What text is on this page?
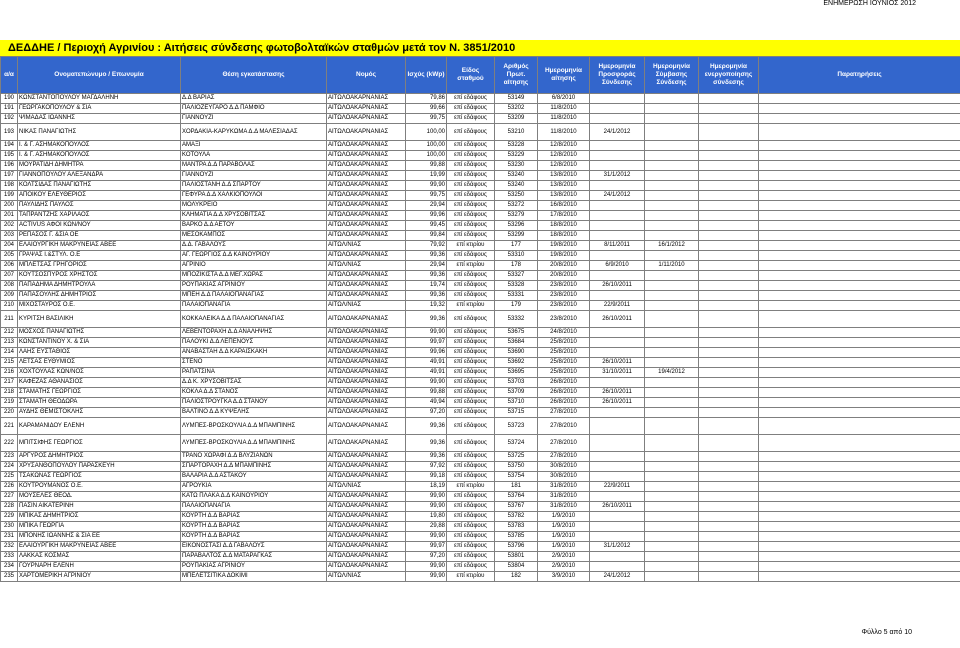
ΕΝΗΜΕΡΩΣΗ ΙΟΥΝΙΟΣ 2012
ΔΕΔΔΗΕ / Περιοχή Αγρινίου : Αιτήσεις σύνδεσης φωτοβολταϊκών σταθμών μετά τον Ν. 3851/2010
α/α	Ονοματεπώνυμο / Επωνυμία	Θέση εγκατάστασης	Νομός	Ισχύς (kWp)	Είδος σταθμού	Αριθμός Πρωτ. αίτησης	Ημερομηνία αίτησης	Ημερομηνία Προσφοράς Σύνδεσης	Ημερομηνία Σύμβασης Σύνδεσης	Ημερομηνία ενεργοποίησης σύνδεσης	Παρατηρήσεις
190	ΚΩΝΣΤΑΝΤΟΠΟΥΛΟΥ ΜΑΓΔΑΛΗΝΗ	Δ.Δ ΒΑΡΙΑΣ	ΑΙΤΩΛΟΑΚΑΡΝΑΝΙΑΣ	79,86	επί εδάφους	53149	6/8/2010				
191	ΓΕΩΡΓΑΚΟΠΟΥΛΟΥ & ΣΙΑ	ΠΑΛΙΟΖΕΥΓΑΡΟ Δ.Δ ΠΑΜΦΙΟ	ΑΙΤΩΛΟΑΚΑΡΝΑΝΙΑΣ	99,66	επί εδάφους	53202	11/8/2010				
192	ΨΙΜΑΔΑΣ ΙΩΑΝΝΗΣ	ΓΙΑΝΝΟΥΖΙ	ΑΙΤΩΛΟΑΚΑΡΝΑΝΙΑΣ	99,75	επί εδάφους	53209	11/8/2010				
193	ΝΙΚΑΣ ΠΑΝΑΓΙΩΤΗΣ	ΧΟΡΔΑΚΙΑ-ΚΑΡΥΚΩΜΑ Δ.Δ ΜΑΛΕΣΙΑΔΑΣ	ΑΙΤΩΛΟΑΚΑΡΝΑΝΙΑΣ	100,00	επί εδάφους	53210	11/8/2010	24/1/2012			
194	Ι. & Γ. ΑΣΗΜΑΚΟΠΟΥΛΟΣ	ΑΜΑΞΙ	ΑΙΤΩΛΟΑΚΑΡΝΑΝΙΑΣ	100,00	επί εδάφους	53228	12/8/2010				
195	Ι. & Γ. ΑΣΗΜΑΚΟΠΟΥΛΟΣ	ΚΟΤΟΥΛΑ	ΑΙΤΩΛΟΑΚΑΡΝΑΝΙΑΣ	100,00	επί εδάφους	53229	12/8/2010				
196	ΜΟΥΡΑΤΙΔΗ ΔΗΜΗΤΡΑ	ΜΑΝΤΡΑ Δ.Δ ΠΑΡΑΒΟΛΑΣ	ΑΙΤΩΛΟΑΚΑΡΝΑΝΙΑΣ	99,88	επί εδάφους	53230	12/8/2010				
197	ΓΙΑΝΝΟΠΟΥΛΟΥ ΑΛΕΞΑΝΔΡΑ	ΓΙΑΝΝΟΥΖΙ	ΑΙΤΩΛΟΑΚΑΡΝΑΝΙΑΣ	19,99	επί εδάφους	53240	13/8/2010	31/1/2012			
198	ΚΟΛΤΣΙΔΑΣ ΠΑΝΑΓΙΩΤΗΣ	ΠΑΛΙΟΣΤΑΝΗ Δ.Δ ΣΠΑΡΤΟΥ	ΑΙΤΩΛΟΑΚΑΡΝΑΝΙΑΣ	99,90	επί εδάφους	53240	13/8/2010				
199	ΑΠΟΙΚΟΥ ΕΛΕΥΘΕΡΙΟΣ	ΓΕΦΥΡΑ Δ.Δ ΧΑΛΚΙΟΠΟΥΛΟΙ	ΑΙΤΩΛΟΑΚΑΡΝΑΝΙΑΣ	99,75	επί εδάφους	53250	13/8/2010	24/1/2012			
200	ΠΑΥΛΙΔΗΣ ΠΑΥΛΟΣ	ΜΟΛΥΚΡΕΙΟ	ΑΙΤΩΛΟΑΚΑΡΝΑΝΙΑΣ	29,94	επί εδάφους	53272	16/8/2010				
201	ΤΑΠΡΑΝΤΖΗΣ ΧΑΡΙΛΑΟΣ	ΚΛΗΜΑΤΙΑ Δ.Δ ΧΡΥΣΟΒΙΤΣΑΣ	ΑΙΤΩΛΟΑΚΑΡΝΑΝΙΑΣ	99,96	επί εδάφους	53279	17/8/2010				
202	ACTIVUS ΑΦΟΙ ΚΩΝ/ΝΟΥ	ΒΑΡΚΟ Δ.Δ ΑΕΤΟΥ	ΑΙΤΩΛΟΑΚΑΡΝΑΝΙΑΣ	99,45	επί εδάφους	53296	18/8/2010				
203	ΡΕΠΑΣΟΣ Γ. &ΣΙΑ ΟΕ	ΜΕΣΟΚΑΜΠΟΣ	ΑΙΤΩΛΟΑΚΑΡΝΑΝΙΑΣ	99,84	επί εδάφους	53299	18/8/2010				
204	ΕΛΑΙΟΥΡΓΙΚΗ ΜΑΚΡΥΝΕΙΑΣ ΑΒΕΕ	Δ.Δ. ΓΑΒΑΛΟΥΣ	ΑΙΤΩΛ/ΝΙΑΣ	79,92	επί κτιρίου	177	19/8/2010	8/11/2011	16/1/2012		
205	ΓΡΑΨΑΣ Ι.&ΣΤΥΛ. Ο.Ε	ΑΓ. ΓΕΩΡΓΙΟΣ Δ.Δ ΚΑΙΝΟΥΡΙΟΥ	ΑΙΤΩΛΟΑΚΑΡΝΑΝΙΑΣ	99,36	επί εδάφους	53310	19/8/2010				
206	ΜΠΛΕΤΣΑΣ ΓΡΗΓΟΡΙΟΣ	ΑΓΡΙΝΙΟ	ΑΙΤΩΛ/ΝΙΑΣ	29,94	επί κτιρίου	178	20/8/2010	6/9/2010	1/11/2010		
207	ΚΟΥΤΣΟΣΠΥΡΟΣ ΧΡΗΣΤΟΣ	ΜΠΟΖΙΚΙΣΤΑ Δ.Δ ΜΕΓ.ΧΩΡΑΣ	ΑΙΤΩΛΟΑΚΑΡΝΑΝΙΑΣ	99,36	επί εδάφους	53327	20/8/2010				
208	ΠΑΠΑΔΗΜΑ ΔΗΜΗΤΡΟΥΛΑ	ΡΟΥΠΑΚΙΑΣ ΑΓΡΙΝΙΟΥ	ΑΙΤΩΛΟΑΚΑΡΝΑΝΙΑΣ	19,74	επί εδάφους	53328	23/8/2010	26/10/2011			
209	ΠΑΠΑΣΟΥΛΗΣ ΔΗΜΗΤΡΙΟΣ	ΜΠΕΗ Δ.Δ ΠΑΛΑΙΟΠΑΝΑΓΙΑΣ	ΑΙΤΩΛΟΑΚΑΡΝΑΝΙΑΣ	99,36	επί εδάφους	53331	23/8/2010				
210	ΜΙΧΟΣΤΑΥΡΟΣ Ο.Ε.	ΠΑΛΑΙΟΠΑΝΑΓΙΑ	ΑΙΤΩΛ/ΝΙΑΣ	19,32	επί κτιρίου	179	23/8/2010	22/9/2011			
211	ΚΥΡΙΤΣΗ ΒΑΣΙΛΙΚΗ	ΚΟΚΚΑΛΕΙΚΑ Δ.Δ ΠΑΛΑΙΟΠΑΝΑΓΙΑΣ	ΑΙΤΩΛΟΑΚΑΡΝΑΝΙΑΣ	99,36	επί εδάφους	53332	23/8/2010	26/10/2011			
212	ΜΟΣΧΟΣ ΠΑΝΑΓΙΩΤΗΣ	ΛΕΒΕΝΤΟΡΑΧΗ Δ.Δ ΑΝΑΛΗΨΗΣ	ΑΙΤΩΛΟΑΚΑΡΝΑΝΙΑΣ	99,90	επί εδάφους	53675	24/8/2010				
213	ΚΩΝΣΤΑΝΤΙΝΟΥ Χ. & ΣΙΑ	ΠΑΛΟΥΚΙ Δ.Δ ΛΕΠΕΝΟΥΣ	ΑΙΤΩΛΟΑΚΑΡΝΑΝΙΑΣ	99,97	επί εδάφους	53684	25/8/2010				
214	ΛΑΗΣ ΕΥΣΤΑΘΙΟΣ	ΑΝΑΒΑΣΤΑΗ Δ.Δ ΚΑΡΑΙΣΚΑΚΗ	ΑΙΤΩΛΟΑΚΑΡΝΑΝΙΑΣ	99,96	επί εδάφους	53690	25/8/2010				
215	ΛΕΤΣΑΣ ΕΥΘΥΜΙΟΣ	ΣΤΕΝΟ	ΑΙΤΩΛΟΑΚΑΡΝΑΝΙΑΣ	49,91	επί εδάφους	53692	25/8/2010	26/10/2011			
216	ΧΟΧΤΟΥΛΑΣ ΚΩΝ/ΝΟΣ	ΡΑΠΑΤΣΙΝΑ	ΑΙΤΩΛΟΑΚΑΡΝΑΝΙΑΣ	49,91	επί εδάφους	53695	25/8/2010	31/10/2011	19/4/2012		
217	ΚΑΦΕΖΑΣ ΑΘΑΝΑΣΙΟΣ	Δ.Δ Κ. ΧΡΥΣΟΒΙΤΣΑΣ	ΑΙΤΩΛΟΑΚΑΡΝΑΝΙΑΣ	99,90	επί εδάφους	53703	26/8/2010				
218	ΣΤΑΜΑΤΗΣ ΓΕΩΡΓΙΟΣ	ΚΟΚΛΑ Δ.Δ ΣΤΑΝΟΣ	ΑΙΤΩΛΟΑΚΑΡΝΑΝΙΑΣ	99,88	επί εδάφους	53709	26/8/2010	26/10/2011			
219	ΣΤΑΜΑΤΗ ΘΕΟΔΩΡΑ	ΠΑΛΙΟΣΤΡΟΥΓΚΑ Δ.Δ ΣΤΑΝΟΥ	ΑΙΤΩΛΟΑΚΑΡΝΑΝΙΑΣ	49,94	επί εδάφους	53710	26/8/2010	26/10/2011			
220	ΑΥΔΗΣ ΘΕΜΙΣΤΟΚΛΗΣ	ΒΑΛΤΙΝΟ Δ.Δ ΚΥΨΕΛΗΣ	ΑΙΤΩΛΟΑΚΑΡΝΑΝΙΑΣ	97,20	επί εδάφους	53715	27/8/2010				
221	ΚΑΡΑΜΑΝΙΔΟΥ ΕΛΕΝΗ	ΛΥΜΠΕΣ-ΒΡΟΣΚΟΥΛΙΑ Δ.Δ ΜΠΑΜΠΙΝΗΣ	ΑΙΤΩΛΟΑΚΑΡΝΑΝΙΑΣ	99,36	επί εδάφους	53723	27/8/2010				
222	ΜΠΙΤΣΙΦΗΣ ΓΕΩΡΓΙΟΣ	ΛΥΜΠΕΣ-ΒΡΟΣΚΟΥΛΙΑ Δ.Δ ΜΠΑΜΠΙΝΗΣ	ΑΙΤΩΛΟΑΚΑΡΝΑΝΙΑΣ	99,36	επί εδάφους	53724	27/8/2010				
223	ΑΡΓΥΡΟΣ ΔΗΜΗΤΡΙΟΣ	ΤΡΑΝΟ ΧΩΡΑΦΙ Δ.Δ ΒΛΥΖΙΑΝΩΝ	ΑΙΤΩΛΟΑΚΑΡΝΑΝΙΑΣ	99,36	επί εδάφους	53725	27/8/2010				
224	ΧΡΥΣΑΝΘΟΠΟΥΛΟΥ ΠΑΡΑΣΚΕΥΗ	ΣΠΑΡΤΟΡΑΧΗ Δ.Δ ΜΠΑΜΠΙΝΗΣ	ΑΙΤΩΛΟΑΚΑΡΝΑΝΙΑΣ	97,92	επί εδάφους	53750	30/8/2010				
225	ΤΣΑΚΩΝΑΣ ΓΕΩΡΓΙΟΣ	ΒΑΛΑΡΙΑ Δ.Δ ΑΣΤΑΚΟΥ	ΑΙΤΩΛΟΑΚΑΡΝΑΝΙΑΣ	99,18	επί εδάφους	53754	30/8/2010				
226	ΚΟΥΤΡΟΥΜΑΝΟΣ Ο.Ε.	ΑΓΡΟΥΚΙΑ	ΑΙΤΩΛ/ΝΙΑΣ	18,19	επί κτιρίου	181	31/8/2010	22/9/2011			
227	ΜΟΥΣΕΛΕΣ ΘΕΟΔ.	ΚΑΤΩ ΠΛΑΚΑ Δ.Δ ΚΑΙΝΟΥΡΙΟΥ	ΑΙΤΩΛΟΑΚΑΡΝΑΝΙΑΣ	99,90	επί εδάφους	53764	31/8/2010				
228	ΠΑΣΙΝ ΑΙΚΑΤΕΡΙΝΗ	ΠΑΛΑΙΟΠΑΝΑΓΙΑ	ΑΙΤΩΛΟΑΚΑΡΝΑΝΙΑΣ	99,90	επί εδάφους	53767	31/8/2010	26/10/2011			
229	ΜΠΙΚΑΣ ΔΗΜΗΤΡΙΟΣ	ΚΟΥΡΤΗ Δ.Δ ΒΑΡΙΑΣ	ΑΙΤΩΛΟΑΚΑΡΝΑΝΙΑΣ	19,80	επί εδάφους	53782	1/9/2010				
230	ΜΠΙΚΑ ΓΕΩΡΓΙΑ	ΚΟΥΡΤΗ Δ.Δ ΒΑΡΙΑΣ	ΑΙΤΩΛΟΑΚΑΡΝΑΝΙΑΣ	29,88	επί εδάφους	53783	1/9/2010				
231	ΜΠΟΝΗΣ ΙΩΑΝΝΗΣ & ΣΙΑ ΕΕ	ΚΟΥΡΤΗ Δ.Δ ΒΑΡΙΑΣ	ΑΙΤΩΛΟΑΚΑΡΝΑΝΙΑΣ	99,90	επί εδάφους	53785	1/9/2010				
232	ΕΛΑΙΟΥΡΓΙΚΗ ΜΑΚΡΥΝΕΙΑΣ ΑΒΕΕ	ΕΙΚΟΝΟΣΤΑΣΙ Δ.Δ ΓΑΒΑΛΟΥΣ	ΑΙΤΩΛΟΑΚΑΡΝΑΝΙΑΣ	99,97	επί εδάφους	53796	1/9/2010	31/1/2012			
233	ΛΑΚΚΑΣ ΚΟΣΜΑΣ	ΠΑΡΑΒΑΛΤΟΣ Δ.Δ ΜΑΤΑΡΑΓΚΑΣ	ΑΙΤΩΛΟΑΚΑΡΝΑΝΙΑΣ	97,20	επί εδάφους	53801	2/9/2010				
234	ΓΟΥΡΝΑΡΗ ΕΛΕΝΗ	ΡΟΥΠΑΚΙΑΣ ΑΓΡΙΝΙΟΥ	ΑΙΤΩΛΟΑΚΑΡΝΑΝΙΑΣ	99,90	επί εδάφους	53804	2/9/2010				
235	ΧΑΡΤΟΜΕΡΙΚΗ ΑΓΡΙΝΙΟΥ	ΜΠΕΛΕΤΣΙΤΙΚΑ ΔΟΚΙΜΙ	ΑΙΤΩΛ/ΝΙΑΣ	99,90	επί κτιρίου	182	3/9/2010	24/1/2012			
Φύλλο 5 από 10
